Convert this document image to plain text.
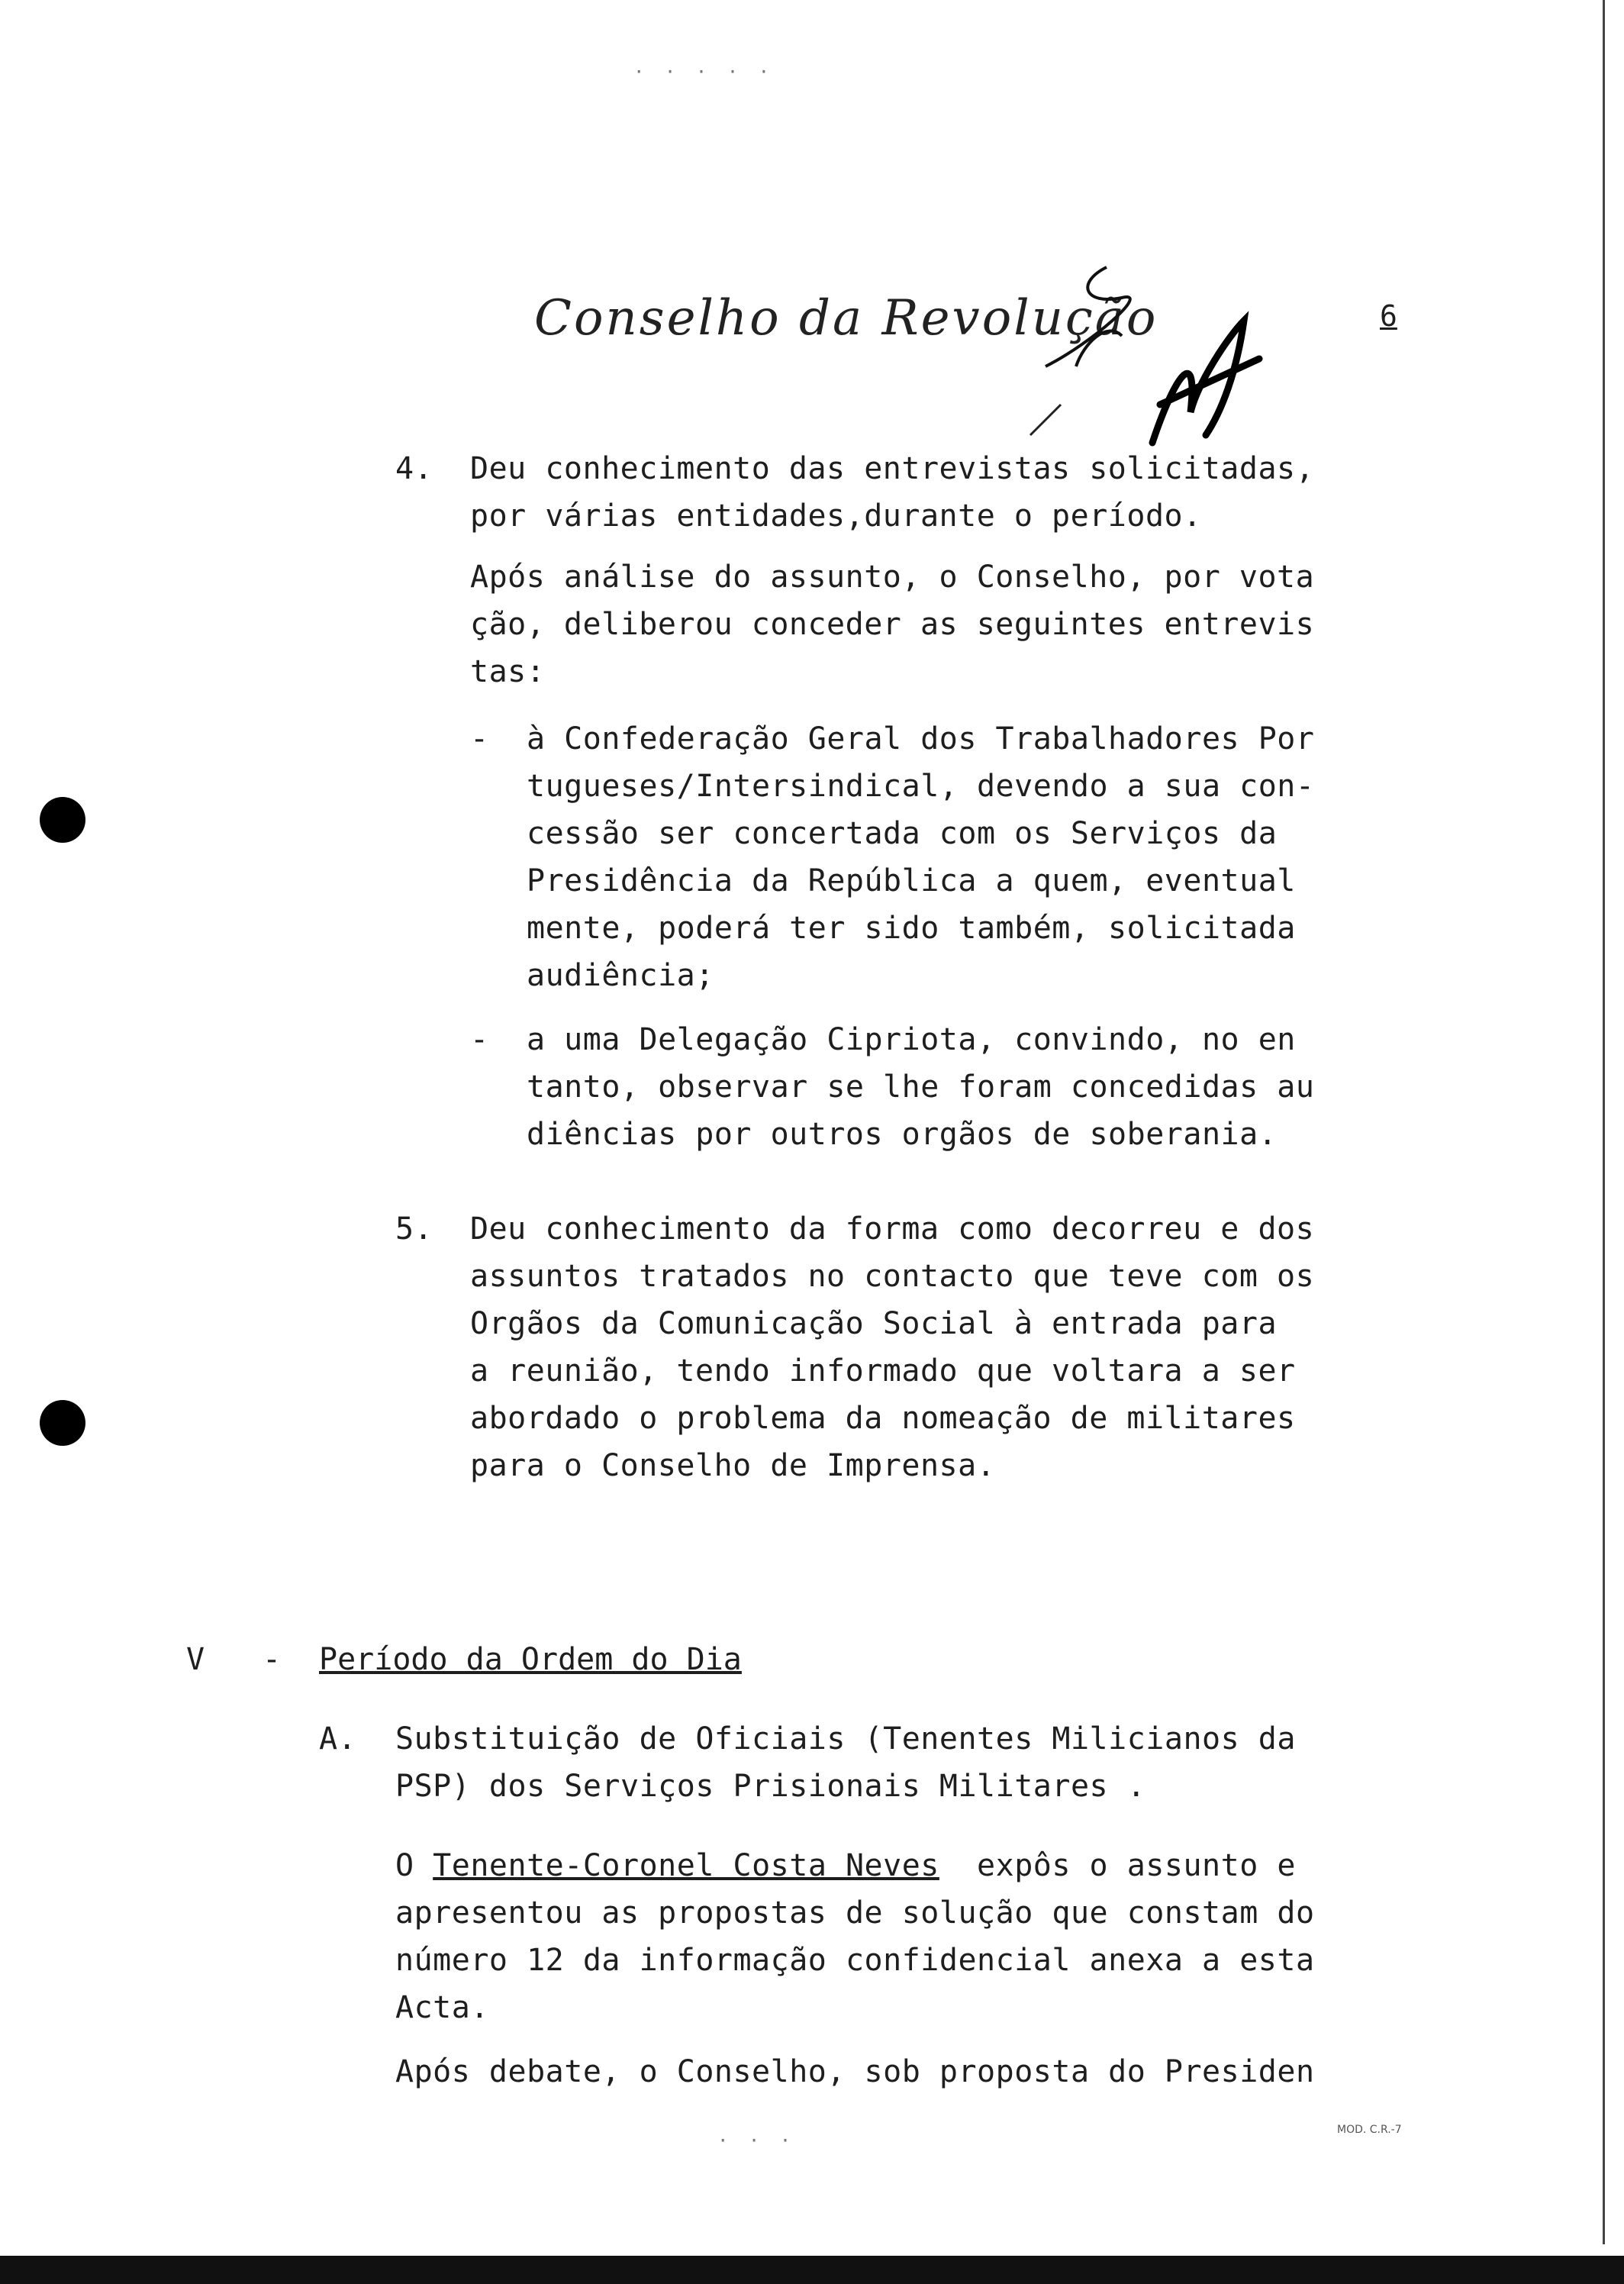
· · · · ·
· · ·
Conselho da Revolução	6
4. Deu conhecimento das entrevistas solicitadas,
por várias entidades,durante o período.
Após análise do assunto, o Conselho, por vota
ção, deliberou conceder as seguintes entrevis
tas:
- à Confederação Geral dos Trabalhadores Por
tugueses/Intersindical, devendo a sua con-
cessão ser concertada com os Serviços da
Presidência da República a quem, eventual
mente, poderá ter sido também, solicitada
audiência;
- a uma Delegação Cipriota, convindo, no en
tanto, observar se lhe foram concedidas au
diências por outros orgãos de soberania.
5. Deu conhecimento da forma como decorreu e dos
assuntos tratados no contacto que teve com os
Orgãos da Comunicação Social à entrada para
a reunião, tendo informado que voltara a ser
abordado o problema da nomeação de militares
para o Conselho de Imprensa.
V - Período da Ordem do Dia
A. Substituição de Oficiais (Tenentes Milicianos da
PSP) dos Serviços Prisionais Militares .
O Tenente-Coronel Costa Neves  expôs o assunto e
apresentou as propostas de solução que constam do
número 12 da informação confidencial anexa a esta
Acta.
Após debate, o Conselho, sob proposta do Presiden
MOD. C.R.-7
